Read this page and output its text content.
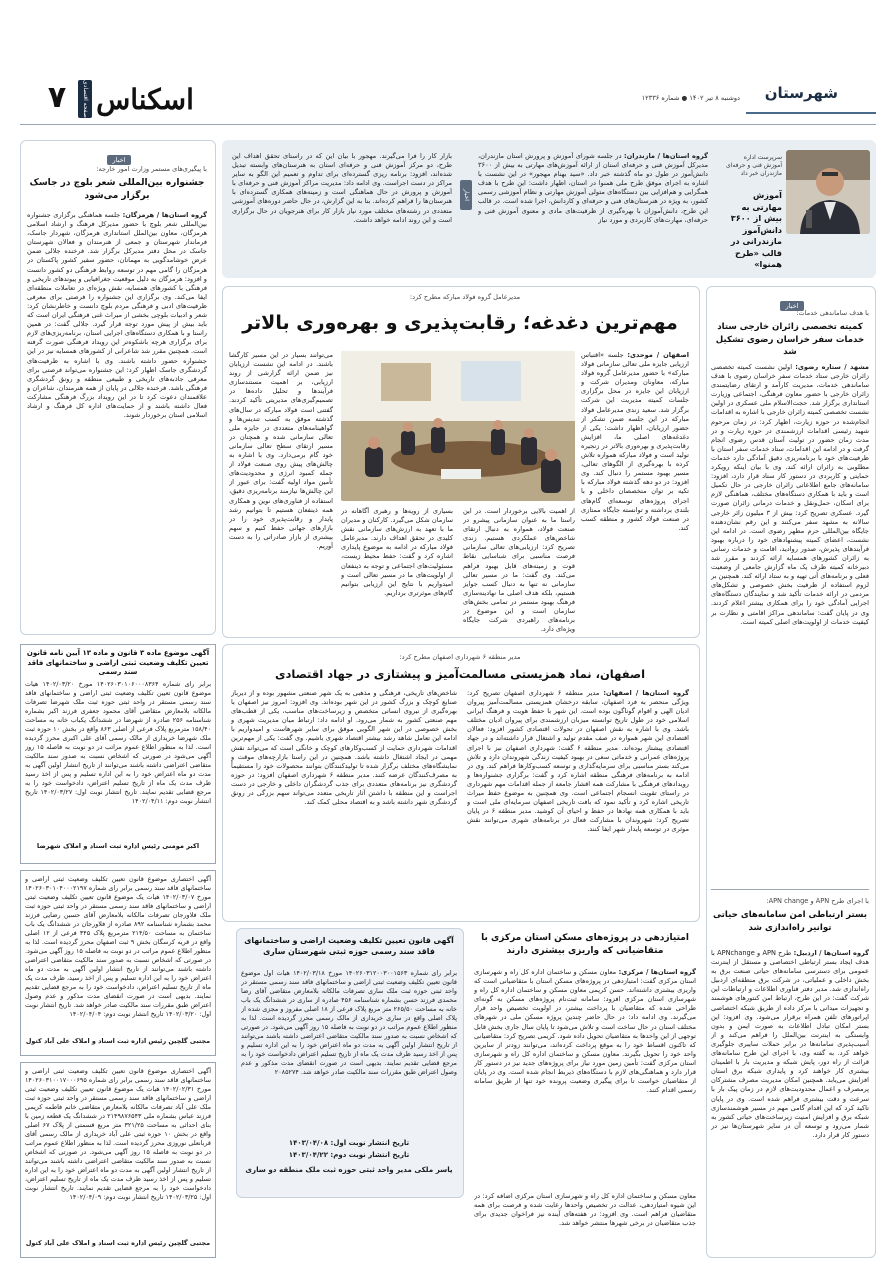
شهرستان
دوشنبه ۸ تیر ۱۴۰۲ ● شماره ۱۲۳۳۶
اسکناس
صفحه اقتصادی
۷
سرپرست اداره آموزش فنی و حرفه‌ای مازندران خبر داد
آموزش مهارتی به بیش از ۳۶۰۰ دانش‌آموز مازندرانی در قالب «طرح همنوا»
گروه استان‌ها / مازندران: در جلسه شورای آموزش و پرورش استان مازندران، مدیرکل آموزش فنی و حرفه‌ای استان از ارائه آموزش‌های مهارتی به بیش از ۳۶۰۰ دانش‌آموز در طول دو ماه گذشته خبر داد. «سید بهنام مهجور» در این نشست با اشاره به اجرای موفق طرح ملی همنوا در استان، اظهار داشت: این طرح با هدف همگرایی و هم‌افزایی بین دستگاه‌های متولی آموزش مهارتی و نظام آموزشی رسمی کشور، به ویژه در هنرستان‌های فنی و حرفه‌ای و کاردانش، اجرا شده است. در قالب این طرح، دانش‌آموزان با بهره‌گیری از ظرفیت‌های مادی و معنوی آموزش فنی و حرفه‌ای، مهارت‌های کاربردی و مورد نیاز
اخبار
بازار کار را فرا می‌گیرند. مهجور با بیان این که در راستای تحقق اهداف این طرح، دو مرکز آموزش فنی و حرفه‌ای استان به هنرستان‌های وابسته تبدیل شده‌اند، افزود: برنامه ریزی گسترده‌ای برای تداوم و تعمیم این الگو به سایر مراکز در دست اجراست. وی ادامه داد: مدیریت مراکز آموزش فنی و حرفه‌ای با آموزش و پرورش در حال هماهنگی است و زمینه‌های همکاری گسترده‌ای با هنرستان‌ها را فراهم کرده‌اند. بنا به این گزارش، در حال حاضر دوره‌های آموزشی متعددی در رشته‌های مختلف مورد نیاز بازار کار برای هنرجویان در حال برگزاری است و این روند ادامه خواهد داشت.
اخبار
با پیگیری‌های مستمر وزارت امور خارجه:
جشنواره بین‌المللی شعر بلوچ در جاسک برگزار می‌شود
گروه استان‌ها / هرمزگان: جلسه هماهنگی برگزاری جشنواره بین‌المللی شعر بلوچ با حضور مدیرکل فرهنگ و ارشاد اسلامی هرمزگان، معاون بین‌الملل استانداری هرمزگان، شهردار جاسک، فرماندار شهرستان و جمعی از هنرمندان و فعالان شهرستان جاسک در محل دفتر مدیرکل برگزار شد. فرخنده جلالی ضمن عرض خوشامدگویی به مهمانان، حضور سفیر کشور پاکستان در هرمزگان را گامی مهم در توسعه روابط فرهنگی دو کشور دانست و افزود: هرمزگان به دلیل موقعیت جغرافیایی و پیوندهای تاریخی و فرهنگی با کشورهای همسایه، نقش ویژه‌ای در تعاملات منطقه‌ای ایفا می‌کند. وی برگزاری این جشنواره را فرصتی برای معرفی ظرفیت‌های ادبی و فرهنگی مردم بلوچ دانست و خاطرنشان کرد: شعر و ادبیات بلوچی بخشی از میراث غنی فرهنگی ایران است که باید بیش از پیش مورد توجه قرار گیرد. جلالی گفت: در همین راستا و با همکاری دستگاه‌های اجرایی استان، برنامه‌ریزی‌های لازم برای برگزاری هرچه باشکوه‌تر این رویداد فرهنگی صورت گرفته است. همچنین مقرر شد شاعرانی از کشورهای همسایه نیز در این جشنواره حضور داشته باشند. وی با اشاره به ظرفیت‌های گردشگری جاسک اظهار کرد: این جشنواره می‌تواند فرصتی برای معرفی جاذبه‌های تاریخی و طبیعی منطقه و رونق گردشگری فرهنگی باشد. فرخنده جلالی در پایان از همه هنرمندان، شاعران و علاقمندان دعوت کرد تا در این رویداد بزرگ فرهنگی مشارکت فعال داشته باشند و از حمایت‌های اداره کل فرهنگ و ارشاد اسلامی استان برخوردار شوند.
اخبار
با هدف ساماندهی خدمات:
کمیته تخصصی زائران خارجی ستاد خدمات سفر خراسان رضوی تشکیل شد
مشهد / ستاره رضوی: اولین نشست کمیته تخصصی زائران خارجی ستاد خدمات سفر خراسان رضوی با هدف ساماندهی خدمات، مدیریت کارآمد و ارتقای رضایتمندی زائران خارجی با حضور معاون فرهنگی، اجتماعی وزیارت استانداری برگزار شد. حجت‌الاسلام ملی عسکری در اولین نشست تخصصی کمیته زائران خارجی با اشاره به اقدامات انجام‌شده در حوزه زیارت، اظهار کرد: در زمان مرحوم شهید رئیسی اقدامات ارزشمندی در حوزه زیارت و در مدت زمان حضور در تولیت آستان قدس رضوی انجام گرفت و در ادامه این اقدامات، ستاد خدمات سفر استان با ظرفیت‌های خود با برنامه‌ریزی دقیق آمادگی دارد خدمات مطلوبی به زائران ارائه کند. وی با بیان اینکه رویکرد حمایتی و کاربردی در دستور کار ستاد قرار دارد، افزود: سامانه‌های جامع اطلاعاتی زائران خارجی در حال تکمیل است و باید با همکاری دستگاه‌های مختلف، هماهنگی لازم برای اسکان، حمل‌ونقل و خدمات درمانی زائران صورت گیرد. عسکری تصریح کرد: بیش از ۳ میلیون زائر خارجی سالانه به مشهد سفر می‌کنند و این رقم نشان‌دهنده جایگاه بین‌المللی حرم مطهر رضوی است. در ادامه این نشست، اعضای کمیته پیشنهادهای خود را درباره بهبود فرآیندهای پذیرش، صدور روادید، اقامت و خدمات رسانی به زائران کشورهای همسایه ارائه کردند و مقرر شد دبیرخانه کمیته ظرف یک ماه گزارش جامعی از وضعیت فعلی و برنامه‌های آتی تهیه و به ستاد ارائه کند. همچنین بر لزوم استفاده از ظرفیت بخش خصوصی و تشکل‌های مردمی در ارائه خدمات تأکید شد و نمایندگان دستگاه‌های اجرایی آمادگی خود را برای همکاری بیشتر اعلام کردند. وی در پایان گفت: ساماندهی مراکز اقامتی و نظارت بر کیفیت خدمات از اولویت‌های اصلی کمیته است.
با اجرای طرح APN و APN change:
بستر ارتباطی امن سامانه‌های حیاتی توانیر راه‌اندازی شد
گروه استان‌ها / اردبیل: طرح APN و APNchange با هدف ایجاد بستر ارتباطی اختصاصی و مستقل از اینترنت عمومی برای دسترسی سامانه‌های حیاتی صنعت برق به بخش داخلی و عملیاتی، در شرکت برق منطقه‌ای اردبیل راه‌اندازی شد. مدیر دفتر فناوری اطلاعات و ارتباطات این شرکت گفت: در این طرح، ارتباط امن کنتورهای هوشمند و تجهیزات میدانی با مرکز داده از طریق شبکه اختصاصی اپراتورهای تلفن همراه برقرار می‌شود. وی افزود: این بستر امکان تبادل اطلاعات به صورت ایمن و بدون وابستگی به اینترنت بین‌الملل را فراهم می‌کند و از آسیب‌پذیری سامانه‌ها در برابر حملات سایبری جلوگیری خواهد کرد. به گفته وی، با اجرای این طرح سامانه‌های قرائت از راه دور، پایش شبکه و مدیریت بار با اطمینان بیشتری کار خواهند کرد و پایداری شبکه برق استان افزایش می‌یابد. همچنین امکان مدیریت مصرف مشترکان پرمصرف و اعمال محدودیت‌های لازم در زمان پیک بار با سرعت و دقت بیشتری فراهم شده است. وی در پایان تاکید کرد که این اقدام گامی مهم در مسیر هوشمندسازی شبکه برق و افزایش امنیت زیرساخت‌های حیاتی کشور به شمار می‌رود و توسعه آن در سایر شهرستان‌ها نیز در دستور کار قرار دارد.
مدیرعامل گروه فولاد مبارکه مطرح کرد:
مهم‌ترین دغدغه؛ رقابت‌پذیری و بهره‌وری بالاتر
اصفهان / موحدی: جلسه «اقتباس ارزیابی جایزه ملی تعالی سازمانی فولاد مبارکه» با حضور مدیرعامل گروه فولاد مبارکه، معاونان ومدیران شرکت و ارزیابان این جایزه در محل برگزاری جلسات کمیته مدیریت این شرکت برگزار شد. سعید زندی مدیرعامل فولاد مبارکه در این جلسه ضمن تشکر از حضور ارزیابان، اظهار داشت: یکی از دغدغه‌های اصلی ما، افزایش رقابت‌پذیری و بهره‌وری بالاتر در زنجیره تولید است و فولاد مبارکه همواره تلاش کرده با بهره‌گیری از الگوهای تعالی، مسیر بهبود مستمر را دنبال کند. وی افزود: در دو دهه گذشته فولاد مبارکه با تکیه بر توان متخصصان داخلی و با اجرای پروژه‌های توسعه‌ای گام‌های بلندی برداشته و توانسته جایگاه ممتازی در صنعت فولاد کشور و منطقه کسب کند.
از اهمیت بالایی برخوردار است. در این راستا ما به عنوان سازمانی پیشرو در صنعت فولاد، همواره به دنبال ارتقای شاخص‌های عملکردی هستیم. زندی تصریح کرد: ارزیابی‌های تعالی سازمانی فرصت مناسبی برای شناسایی نقاط قوت و زمینه‌های قابل بهبود فراهم می‌کند. وی گفت: ما در مسیر تعالی سازمانی نه تنها به دنبال کسب جوایز هستیم، بلکه هدف اصلی ما نهادینه‌سازی فرهنگ بهبود مستمر در تمامی بخش‌های سازمان است و این موضوع در برنامه‌های راهبردی شرکت جایگاه ویژه‌ای دارد.
بسیاری از رویه‌ها و رهبری آگاهانه در سازمان شکل می‌گیرد. کارکنان و مدیران ما با تعهد به ارزش‌های سازمانی نقش کلیدی در تحقق اهداف دارند. مدیرعامل فولاد مبارکه در ادامه به موضوع پایداری اشاره کرد و گفت: حفظ محیط زیست، مسئولیت‌های اجتماعی و توجه به ذینفعان از اولویت‌های ما در مسیر تعالی است و امیدواریم با نتایج این ارزیابی بتوانیم گام‌های موثرتری برداریم.
می‌توانند بسیار در این مسیر کارگشا باشند. در ادامه این نشست ارزیابان نیز ضمن ارائه گزارشی از روند ارزیابی، بر اهمیت مستندسازی فرآیندها و تحلیل داده‌ها در تصمیم‌گیری‌های مدیریتی تأکید کردند. گفتنی است فولاد مبارکه در سال‌های گذشته موفق به کسب تندیس‌ها و گواهینامه‌های متعددی در جایزه ملی تعالی سازمانی شده و همچنان در مسیر ارتقای سطح تعالی سازمانی خود گام برمی‌دارد. وی با اشاره به چالش‌های پیش روی صنعت فولاد از جمله کمبود انرژی و محدودیت‌های تأمین مواد اولیه گفت: برای عبور از این چالش‌ها نیازمند برنامه‌ریزی دقیق، استفاده از فناوری‌های نوین و همکاری همه ذینفعان هستیم تا بتوانیم رشد پایدار و رقابت‌پذیری خود را در بازارهای جهانی حفظ کنیم و سهم بیشتری از بازار صادراتی را به دست آوریم.
مدیر منطقه ۶ شهرداری اصفهان مطرح کرد:
اصفهان، نماد همزیستی مسالمت‌آمیز و پیشتازی در جهاد اقتصادی
گروه استان‌ها / اصفهان: مدیر منطقه ۶ شهرداری اصفهان تصریح کرد: ویژگی منحصر به فرد اصفهان، سابقه درخشان همزیستی مسالمت‌آمیز پیروان ادیان الهی و اقوام گوناگون بوده است. این شهر با حفظ هویت و فرهنگ ایرانی اسلامی خود در طول تاریخ توانسته میزبان ارزشمندی برای پیروان ادیان مختلف باشد. وی با اشاره به نقش اصفهان در تحولات اقتصادی کشور افزود: فعالان اقتصادی این شهر همواره در صف مقدم تولید و اشتغال قرار داشته‌اند و در جهاد اقتصادی پیشتاز بوده‌اند. مدیر منطقه ۶ گفت: شهرداری اصفهان نیز با اجرای پروژه‌های عمرانی و خدماتی سعی در بهبود کیفیت زندگی شهروندان دارد و تلاش می‌کند بستر مناسبی برای سرمایه‌گذاری و توسعه کسب‌وکارها فراهم کند. وی در ادامه به برنامه‌های فرهنگی منطقه اشاره کرد و گفت: برگزاری جشنواره‌ها و رویدادهای فرهنگی با مشارکت همه اقشار جامعه از جمله اقدامات مهم شهرداری در راستای تقویت انسجام اجتماعی است. وی همچنین به موضوع حفظ میراث تاریخی اشاره کرد و تأکید نمود که بافت تاریخی اصفهان سرمایه‌ای ملی است و باید با همکاری همه نهادها در حفظ و احیای آن کوشید. مدیر منطقه ۶ در پایان تصریح کرد: شهروندان با مشارکت فعال در برنامه‌های شهری می‌توانند نقش موثری در توسعه پایدار شهر ایفا کنند.
شاخص‌های تاریخی، فرهنگی و مذهبی به یک شهر صنعتی مشهور بوده و از دیرباز صنایع کوچک و بزرگ کشور در این شهر بوده‌اند. وی افزود: امروز نیز اصفهان با بهره‌گیری از نیروی انسانی متخصص و زیرساخت‌های مناسب، یکی از قطب‌های مهم صنعتی کشور به شمار می‌رود. او ادامه داد: ارتباط میان مدیریت شهری و بخش خصوصی در این شهر الگویی موفق برای سایر شهرهاست و امیدواریم با ادامه این تعامل شاهد رشد بیشتر اقتصاد شهری باشیم. وی گفت: یکی از مهم‌ترین اقدامات شهرداری حمایت از کسب‌وکارهای کوچک و خانگی است که می‌تواند نقش مهمی در ایجاد اشتغال داشته باشد. همچنین در این راستا بازارچه‌های موقت و نمایشگاه‌های مختلف برگزار شده تا تولیدکنندگان بتوانند محصولات خود را مستقیماً به مصرف‌کنندگان عرضه کنند. مدیر منطقه ۶ شهرداری اصفهان افزود: در حوزه گردشگری نیز برنامه‌های متعددی برای جذب گردشگران داخلی و خارجی در دست اجراست و این منطقه با داشتن آثار تاریخی متعدد می‌تواند سهم بزرگی در رونق گردشگری شهر داشته باشد و به اقتصاد محلی کمک کند.
امتیازدهی در پروژه‌های مسکن استان مرکزی با متقاضیانی که واریزی بیشتری دارند
گروه استان‌ها / مرکزی: معاون مسکن و ساختمان اداره کل راه و شهرسازی استان مرکزی گفت: امتیازدهی در پروژه‌های مسکن استان با متقاضیانی است که واریزی بیشتری داشته‌اند. حسن کریمی معاون مسکن و ساختمان اداره کل راه و شهرسازی استان مرکزی افزود: سامانه ثبت‌نام پروژه‌های مسکن به گونه‌ای طراحی شده که متقاضیان با پرداخت بیشتر، در اولویت تخصیص واحد قرار می‌گیرند. وی ادامه داد: در حال حاضر چندین پروژه مسکن ملی در شهرهای مختلف استان در حال ساخت است و تلاش می‌شود تا پایان سال جاری بخش قابل توجهی از این واحدها به متقاضیان تحویل داده شود. کریمی تصریح کرد: متقاضیانی که تاکنون اقساط خود را به موقع پرداخت کرده‌اند، می‌توانند زودتر از سایرین واحد خود را تحویل بگیرند. معاون مسکن و ساختمان اداره کل راه و شهرسازی استان مرکزی گفت: تأمین زمین مورد نیاز برای پروژه‌های جدید نیز در دستور کار قرار دارد و هماهنگی‌های لازم با دستگاه‌های ذیربط انجام شده است. وی در پایان از متقاضیان خواست تا برای پیگیری وضعیت پرونده خود تنها از طریق سامانه رسمی اقدام کنند.
معاون مسکن و ساختمان اداره کل راه و شهرسازی استان مرکزی اضافه کرد: در این شیوه امتیازدهی، عدالت در تخصیص واحدها رعایت شده و فرصت برای همه متقاضیان فراهم است. وی افزود: در هفته‌های آینده نیز فراخوان جدیدی برای جذب متقاضیان در برخی شهرها منتشر خواهد شد.
آگهی قانون تعیین تکلیف وضعیت اراضی و ساختمانهای فاقد سند رسمی حوزه ثبتی شهرستان ساری
برابر رای شماره ۱۴۰۲۶۰۳۱۲۰۰۳۰۰۱۵۶۳ مورخ ۱۴۰۲/۰۳/۱۸ هیات اول موضوع قانون تعیین تکلیف وضعیت ثبتی اراضی و ساختمانهای فاقد سند رسمی مستقر در واحد ثبتی حوزه ثبت ملک ساری تصرفات مالکانه بلامعارض متقاضی آقای رضا محمدی فرزند حسن بشماره شناسنامه ۴۵۶ صادره از ساری در ششدانگ یک باب خانه به مساحت ۲۶۵/۵۰ متر مربع پلاک فرعی از ۱۸ اصلی مفروز و مجزی شده از پلاک اصلی واقع در ساری خریداری از مالک رسمی محرز گردیده است. لذا به منظور اطلاع عموم مراتب در دو نوبت به فاصله ۱۵ روز آگهی می‌شود. در صورتی که اشخاص نسبت به صدور سند مالکیت متقاضی اعتراضی داشته باشند می‌توانند از تاریخ انتشار اولین آگهی به مدت دو ماه اعتراض خود را به این اداره تسلیم و پس از اخذ رسید ظرف مدت یک ماه از تاریخ تسلیم اعتراض دادخواست خود را به مرجع قضایی تقدیم نمایند. بدیهی است در صورت انقضای مدت مذکور و عدم وصول اعتراض طبق مقررات سند مالکیت صادر خواهد شد. ۲۰۸۵۲۷۴
تاریخ انتشار نوبت اول: ۱۴۰۳/۰۴/۰۸
تاریخ انتشار نوبت دوم: ۱۴۰۳/۰۴/۲۲
یاسر ملکی مدیر واحد ثبتی حوزه ثبت ملک منطقه دو ساری
آگهی موضوع ماده ۳ قانون و ماده ۱۳ آیین نامه قانون تعیین تکلیف وضعیت ثبتی اراضی و ساختمانهای فاقد سند رسمی
برابر رای شماره ۱۴۰۲۶۰۳۰۱۰۶۰۰۰۸۳۶۴ مورخ ۱۴۰۲/۰۳/۲۰ هیات موضوع قانون تعیین تکلیف وضعیت ثبتی اراضی و ساختمانهای فاقد سند رسمی مستقر در واحد ثبتی حوزه ثبت ملک شهرضا تصرفات مالکانه بلامعارض متقاضی آقای محمود جعفری فرزند اکبر بشماره شناسنامه ۲۵۶ صادره از شهرضا در ششدانگ یکباب خانه به مساحت ۱۵۸/۴۰ مترمربع پلاک فرعی از اصلی ۸۶۳ واقع در بخش ۱۰ حوزه ثبت ملک شهرضا خریداری از مالک رسمی آقای علی اکبری محرز گردیده است. لذا به منظور اطلاع عموم مراتب در دو نوبت به فاصله ۱۵ روز آگهی می‌شود در صورتی که اشخاص نسبت به صدور سند مالکیت متقاضی اعتراضی داشته باشند می‌توانند از تاریخ انتشار اولین آگهی به مدت دو ماه اعتراض خود را به این اداره تسلیم و پس از اخذ رسید ظرف مدت یک ماه از تاریخ تسلیم اعتراض، دادخواست خود را به مرجع قضایی تقدیم نمایند. تاریخ انتشار نوبت اول: ۱۴۰۲/۰۳/۲۷ تاریخ انتشار نوبت دوم: ۱۴۰۲/۰۴/۱۱
اکبر مومنی رئیس اداره ثبت اسناد و املاک شهرضا
آگهی اختصاری موضوع قانون تعیین تکلیف وضعیت ثبتی اراضی و ساختمانهای فاقد سند رسمی برابر رای شماره ۱۴۰۲۶۰۳۰۱۰۴۰۰۰۲۱۹۷ مورخ ۱۴۰۲/۰۳/۰۷ هیات یک موضوع قانون تعیین تکلیف وضعیت ثبتی اراضی و ساختمانهای فاقد سند رسمی مستقر در واحد ثبتی حوزه ثبت ملک فلاورجان تصرفات مالکانه بلامعارض آقای حسین رضایی فرزند محمد بشماره شناسنامه ۸۹۲ صادره از فلاورجان در ششدانگ یک باب ساختمان به مساحت ۲۱۴/۵۰ مترمربع پلاک ۳۴۵ فرعی از ۱۲ اصلی واقع در قریه کرسگان بخش ۹ ثبت اصفهان محرز گردیده است. لذا به منظور اطلاع عموم مراتب در دو نوبت به فاصله ۱۵ روز آگهی می‌شود. در صورتی که اشخاص نسبت به صدور سند مالکیت متقاضی اعتراضی داشته باشند می‌توانند از تاریخ انتشار اولین آگهی به مدت دو ماه اعتراض خود را به این اداره تسلیم و پس از اخذ رسید، ظرف مدت یک ماه از تاریخ تسلیم اعتراض، دادخواست خود را به مرجع قضایی تقدیم نمایند. بدیهی است در صورت انقضای مدت مذکور و عدم وصول اعتراض طبق مقررات سند مالکیت صادر خواهد شد. تاریخ انتشار نوبت اول: ۱۴۰۲/۰۳/۲۰ تاریخ انتشار نوبت دوم: ۱۴۰۲/۰۴/۰۴
مجتبی گلچین رئیس اداره ثبت اسناد و املاک علی آباد کتول
آگهی اختصاری موضوع قانون تعیین تکلیف وضعیت ثبتی اراضی و ساختمانهای فاقد سند رسمی برابر رای شماره ۱۴۰۲۶۰۳۱۰۰۱۷۰۰۰۶۹۵ مورخ ۱۴۰۲/۰۲/۳۱ هیات یک موضوع قانون تعیین تکلیف وضعیت ثبتی اراضی و ساختمانهای فاقد سند رسمی مستقر در واحد ثبتی حوزه ثبت ملک علی آباد تصرفات مالکانه بلامعارض متقاضی خانم فاطمه کریمی فرزند عباس بشماره ملی ۲۱۴۹۸۷۶۵۴۳ در ششدانگ یک قطعه زمین با بنای احداثی به مساحت ۳۲۱/۲۵ متر مربع قسمتی از پلاک ۶۷ اصلی واقع در بخش ۱۰ حوزه ثبتی علی آباد خریداری از مالک رسمی آقای قربانعلی نوروزی محرز گردیده است. لذا به منظور اطلاع عموم مراتب در دو نوبت به فاصله ۱۵ روز آگهی می‌شود. در صورتی که اشخاص نسبت به صدور سند مالکیت متقاضی اعتراضی داشته باشند می‌توانند از تاریخ انتشار اولین آگهی به مدت دو ماه اعتراض خود را به این اداره تسلیم و پس از اخذ رسید ظرف مدت یک ماه از تاریخ تسلیم اعتراض، دادخواست خود را به مرجع قضایی تقدیم نمایند. تاریخ انتشار نوبت اول: ۱۴۰۲/۰۳/۲۵ تاریخ انتشار نوبت دوم: ۱۴۰۲/۰۴/۰۹
مجتبی گلچین رئیس اداره ثبت اسناد و املاک علی آباد کتول
